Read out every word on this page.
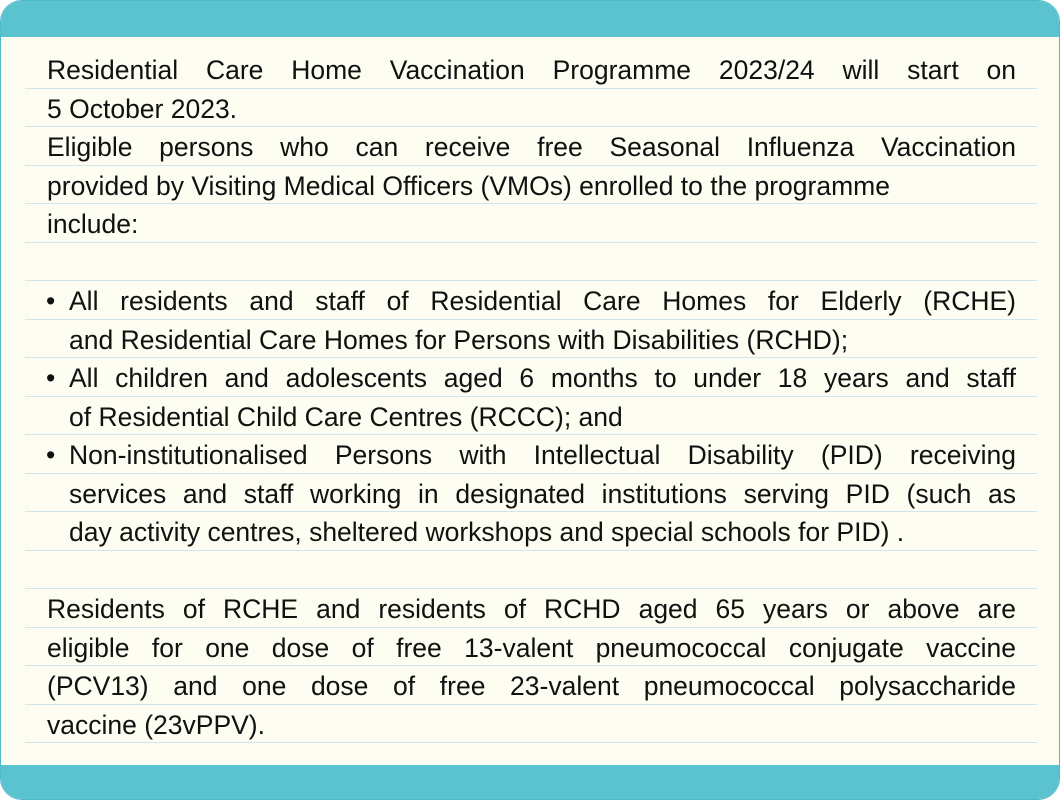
Residential Care Home Vaccination Programme 2023/24 will start on
5 October 2023.
Eligible persons who can receive free Seasonal Influenza Vaccination
provided by Visiting Medical Officers (VMOs) enrolled to the programme
include:
• All residents and staff of Residential Care Homes for Elderly (RCHE)
and Residential Care Homes for Persons with Disabilities (RCHD);
• All children and adolescents aged 6 months to under 18 years and staff
of Residential Child Care Centres (RCCC); and
• Non-institutionalised Persons with Intellectual Disability (PID) receiving
services and staff working in designated institutions serving PID (such as
day activity centres, sheltered workshops and special schools for PID) .
Residents of RCHE and residents of RCHD aged 65 years or above are
eligible for one dose of free 13-valent pneumococcal conjugate vaccine
(PCV13) and one dose of free 23-valent pneumococcal polysaccharide
vaccine (23vPPV).
